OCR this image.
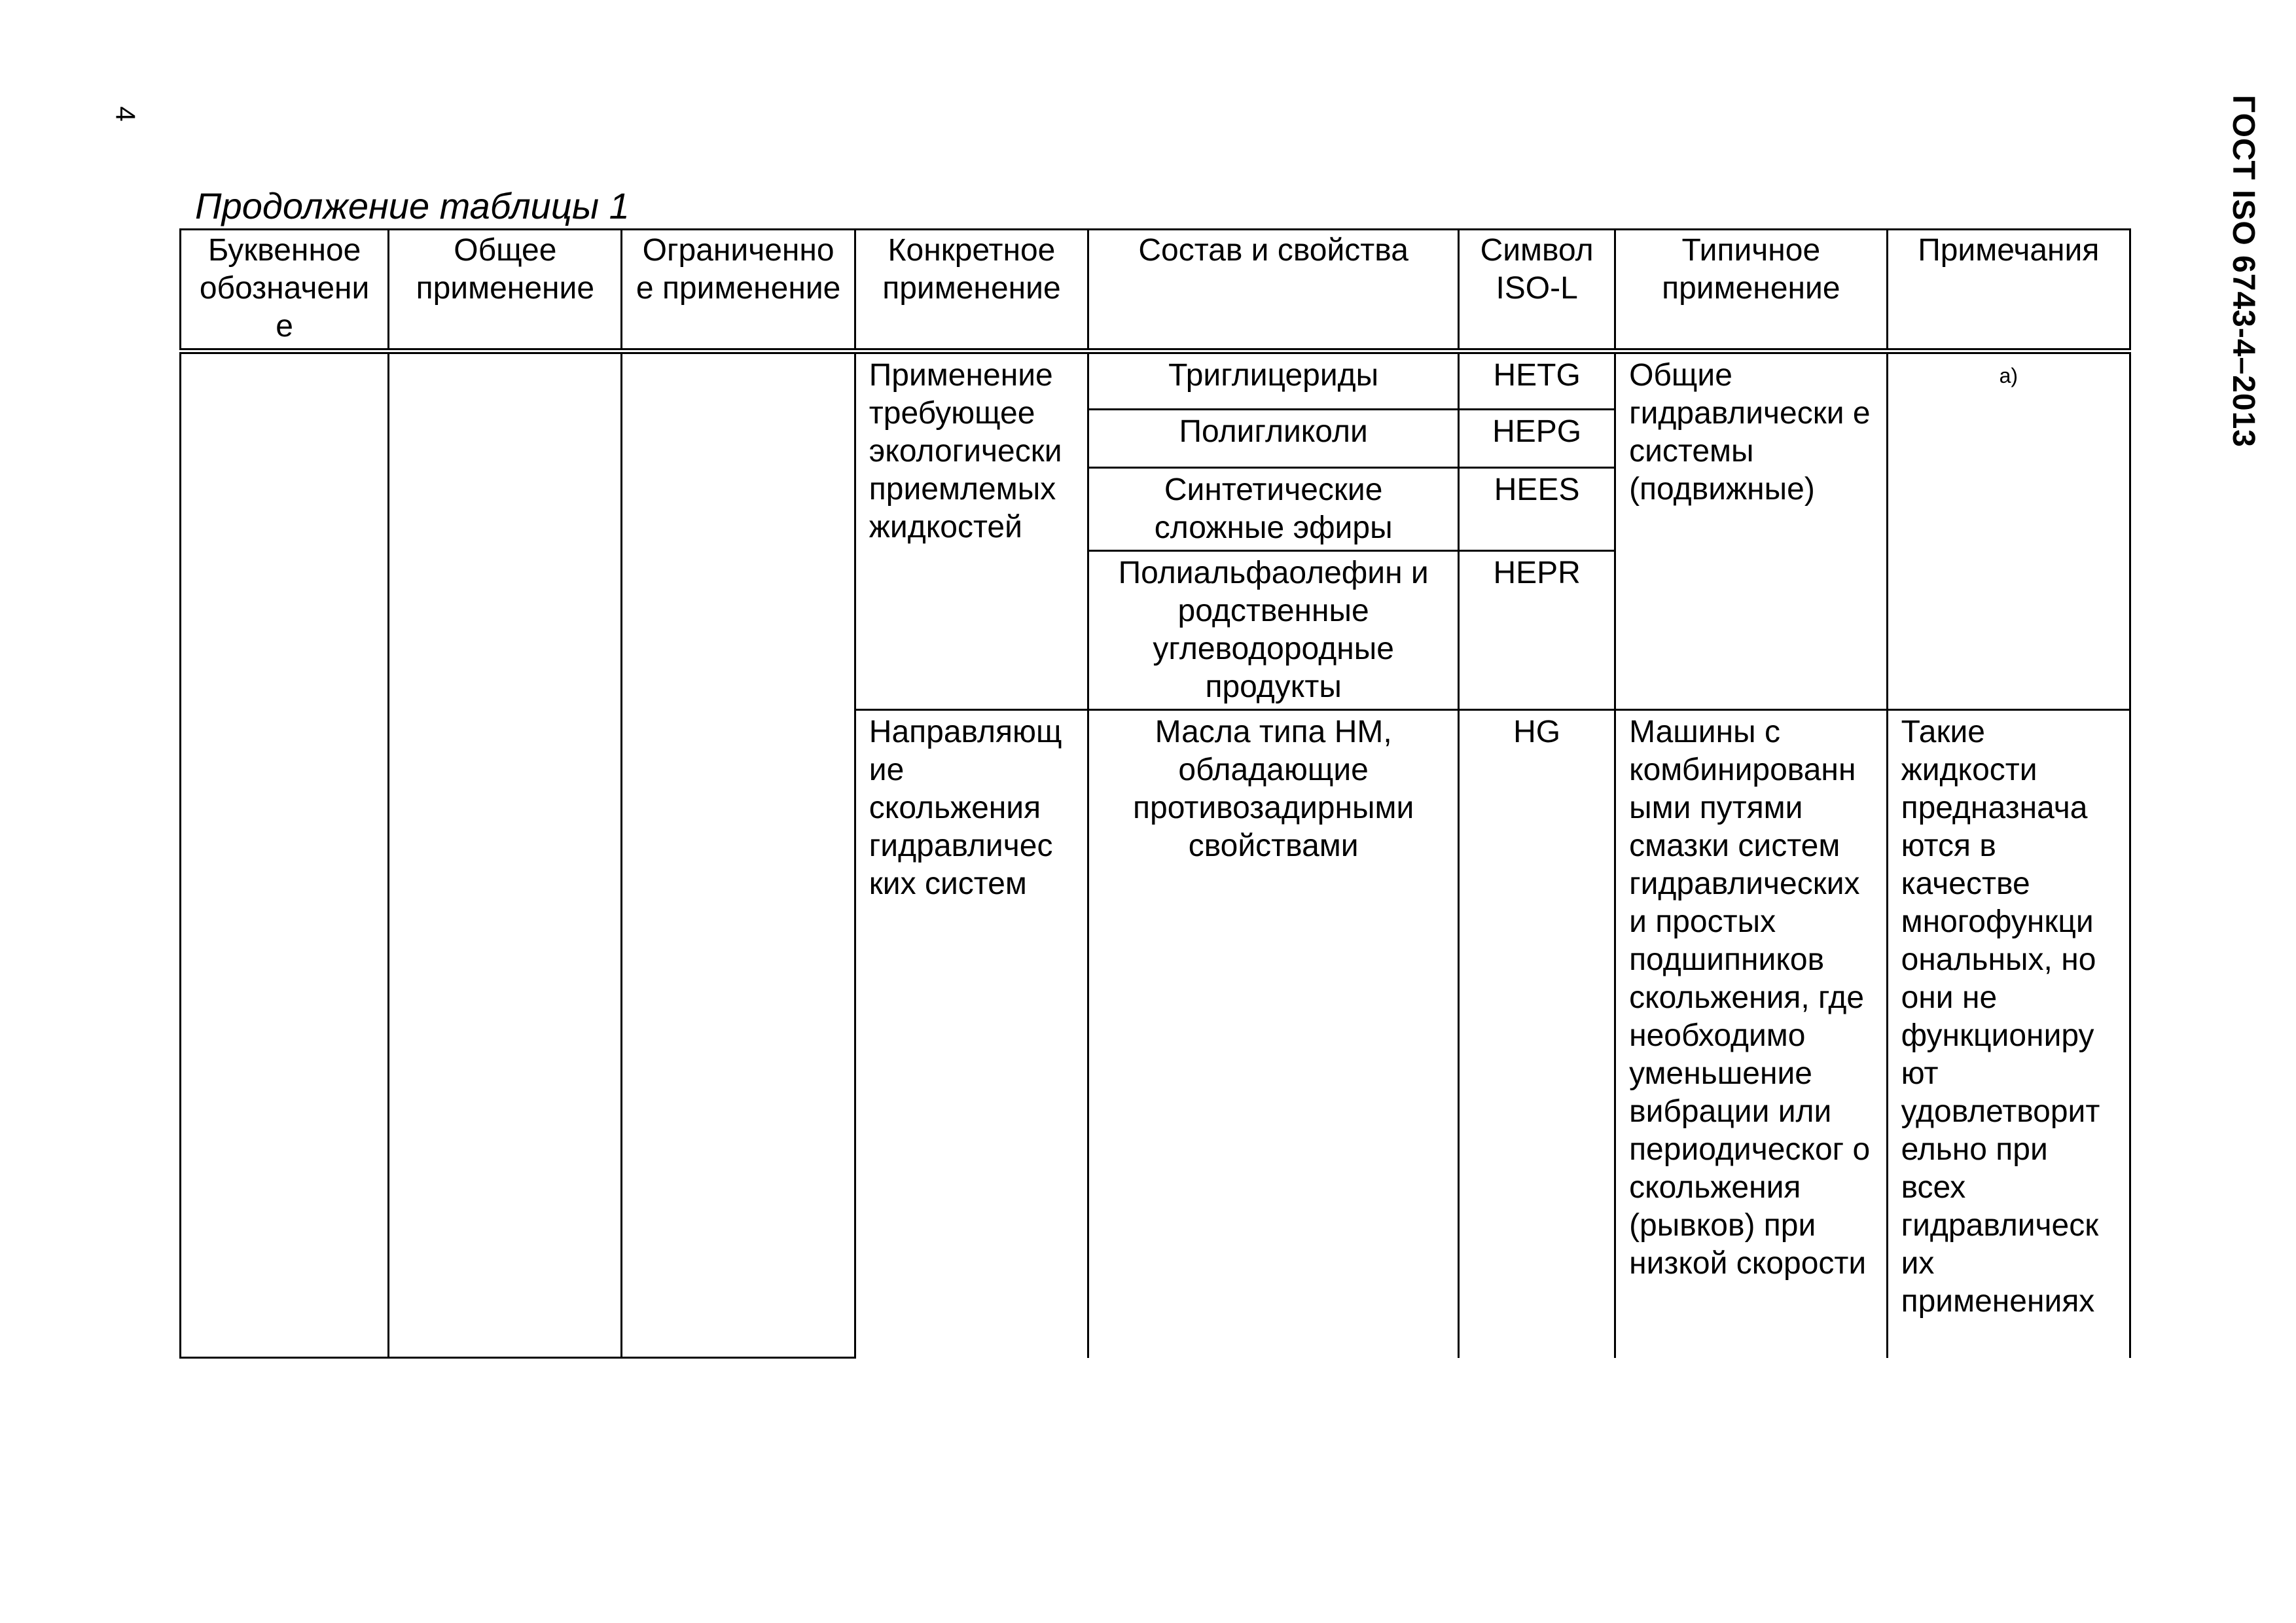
4	ГОСТ ISO 6743-4–2013
Продолжение таблицы 1
Буквенное обозначени е	Общее применение	Ограниченно е применение	Конкретное применение	Состав и свойства	Символ ISO-L	Типичное применение	Примечания
			Применение требующее экологически приемлемых жидкостей	Триглицериды	HETG	Общие гидравлически е системы (подвижные)	а)
				Полигликоли	HEPG		
				Синтетические сложные эфиры	HEES		
				Полиальфаолефин и родственные углеводородные продукты	HEPR		
			Направляющ ие скольжения гидравличес ких систем	Масла типа HM, обладающие противозадирными свойствами	HG	Машины с комбинированн ыми путями смазки систем гидравлических и простых подшипников скольжения, где необходимо уменьшение вибрации или периодическог о скольжения (рывков) при низкой скорости	Такие жидкости предназнача ются в качестве многофункци ональных, но они не функциониру ют удовлетворит ельно при всех гидравлическ их применениях
